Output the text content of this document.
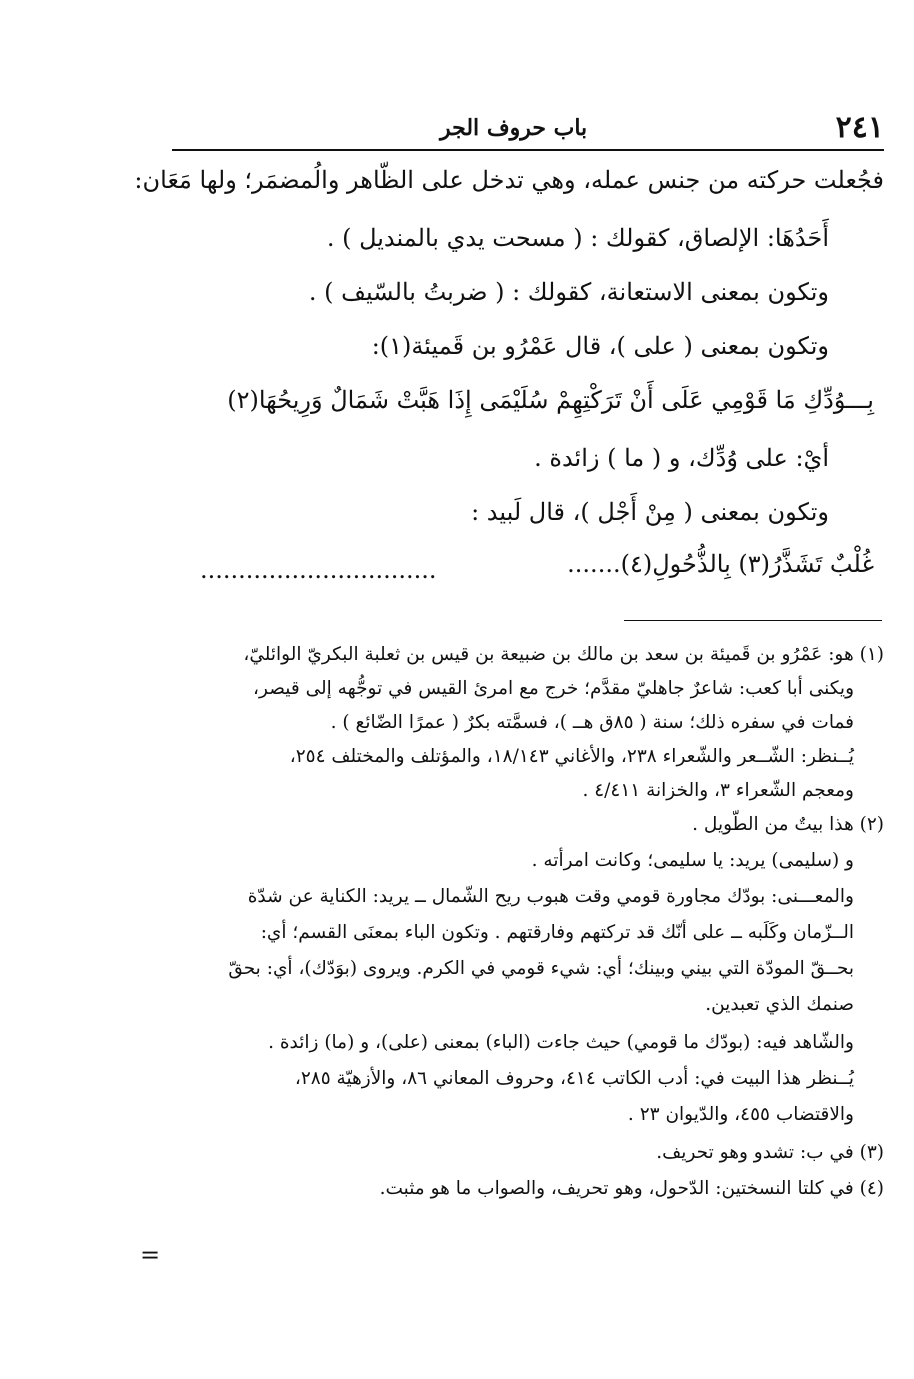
٢٤١
باب حروف الجر
فجُعلت حركته من جنس عمله، وهي تدخل على الظّاهر والُمضمَر؛ ولها مَعَان:
أَحَدُهَا: الإلصاق، كقولك : ( مسحت يدي بالمنديل ) .
وتكون بمعنى الاستعانة، كقولك : ( ضربتُ بالسّيف ) .
وتكون بمعنى ( على )، قال عَمْرُو بن قَميئة(١):
بِـــوُدِّكِ مَا قَوْمِي عَلَى أَنْ تَرَكْتِهِمْ سُلَيْمَى إِذَا هَبَّتْ شَمَالٌ وَرِيحُهَا(٢)
أيْ: على وُدِّك، و ( ما ) زائدة .
وتكون بمعنى ( مِنْ أَجْل )، قال لَبيد :
غُلْبٌ تَشَذَّرُ(٣) بِالذُّحُولِ(٤).......
...............................
(١) هو: عَمْرُو بن قَميئة بن سعد بن مالك بن ضبيعة بن قيس بن ثعلبة البكريّ الوائليّ،
ويكنى أبا كعب: شاعرٌ جاهليّ مقدَّم؛ خرج مع امرئ القيس في توجُّهه إلى قيصر،
فمات في سفره ذلك؛ سنة ( ٨٥ق هــ )، فسمَّته بكرٌ ( عمرًا الضّائع ) .
يُــنظر: الشّــعر والشّعراء ٢٣٨، والأغاني ١٨/١٤٣، والمؤتلف والمختلف ٢٥٤،
ومعجم الشّعراء ٣، والخزانة ٤/٤١١ .
(٢) هذا بيتٌ من الطّويل .
و (سليمى) يريد: يا سليمى؛ وكانت امرأته .
والمعـــنى: بودّك مجاورة قومي وقت هبوب ريح الشّمال ــ يريد: الكناية عن شدّة
الــزّمان وكَلَبه ــ على أنّك قد تركتهم وفارقتهم . وتكون الباء بمعنَى القسم؛ أي:
بحــقّ المودّة التي بيني وبينك؛ أي: شيء قومي في الكرم. ويروى (بوَدّك)، أي: بحقّ
صنمك الذي تعبدين.
والشّاهد فيه: (بودّك ما قومي) حيث جاءت (الباء) بمعنى (على)، و (ما) زائدة .
يُــنظر هذا البيت في: أدب الكاتب ٤١٤، وحروف المعاني ٨٦، والأزهيّة ٢٨٥،
والاقتضاب ٤٥٥، والدّيوان ٢٣ .
(٣) في ب: تشدو وهو تحريف.
(٤) في كلتا النسختين: الدّحول، وهو تحريف، والصواب ما هو مثبت.
=
